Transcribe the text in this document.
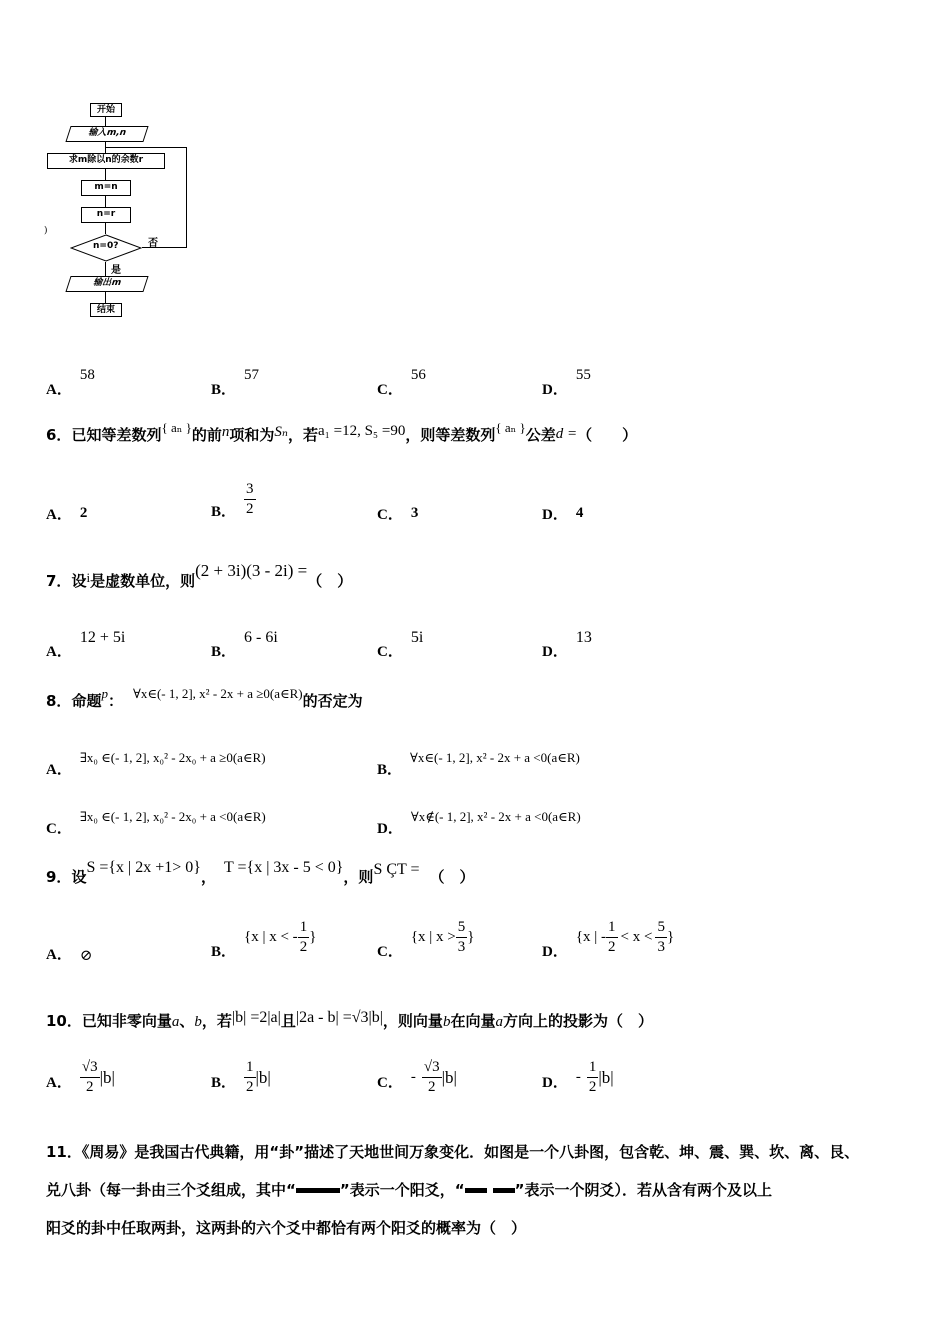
开始
输入m,n
求m除以n的余数r
m=n
n=r
n=0?	否
是
输出m
结束
)
A．
58
B．
57
C．
56
D．
55
6．已知等差数列$^{\{ a_n \}}$的前n项和为Sₙ，若a₁ =12, S₅ =90，则等差数列$^{\{ a_n \}}$公差d =（　　）
A． 2	B． $\frac{3}{2}$	C． 3	D． 4
7．设$^i$是虚数单位，则(2 + 3i)(3 - 2i) =（　）
A．
12 + 5i
B．
6 - 6i
C．
5i
D．
13
8．命题$^p$： $^{\forall x\in(- 1, 2], x^2 - 2x + a \ge 0(a\in R)}$的否定为
A．
∃x₀ ∈(- 1, 2], x₀² - 2x₀ + a ≥0(a∈R)
B．
∀x∈(- 1, 2], x² - 2x + a <0(a∈R)
C．
∃x₀ ∈(- 1, 2], x₀² - 2x₀ + a <0(a∈R)
D．
∀x∉(- 1, 2], x² - 2x + a <0(a∈R)
9．设S ={x | 2x +1> 0}，T ={x | 3x - 5 < 0}，则S ÇT = （　）
A． ⊘	B．
{x | x < - $\frac{1}{2}$ }
C．
{x | $x > \frac{5}{3}$ }
D．
{x | - $\frac{1}{2} < x < \frac{5}{3}$ }
10．已知非零向量a、b，若|b| =2|a|且|2a - b| =√3|b|，则向量b在向量a方向上的投影为（　）
A． $\frac{√3}{2} |b|$	B． $\frac{1}{2} |b|$	C． - $\frac{√3}{2} |b|$	D． - $\frac{1}{2} |b|$
11．《周易》是我国古代典籍，用“卦”描述了天地世间万象变化．如图是一个八卦图，包含乾、坤、震、巽、坎、离、艮、
兑八卦（每一卦由三个爻组成，其中“	”表示一个阳爻，“	”表示一个阴爻）．若从含有两个及以上
阳爻的卦中任取两卦，这两卦的六个爻中都恰有两个阳爻的概率为（　）
